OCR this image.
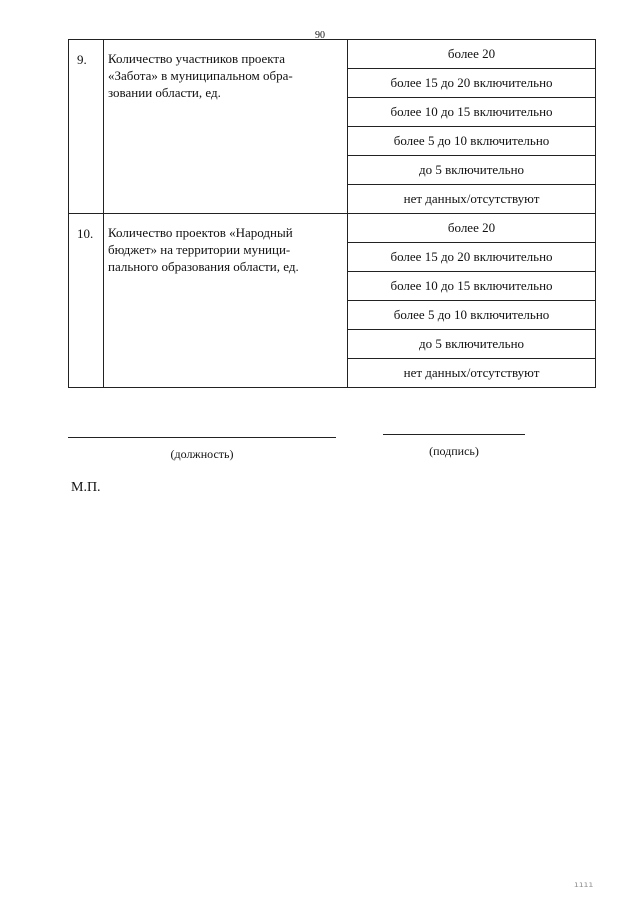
90
9.	Количество участников проекта
«Забота» в муниципальном обра-
зовании области, ед.	более 20
		более 15 до 20 включительно
		более 10 до 15 включительно
		более 5 до 10 включительно
		до 5 включительно
		нет данных/отсутствуют
10.	Количество проектов «Народный
бюджет» на территории муници-
пального образования области, ед.	более 20
		более 15 до 20 включительно
		более 10 до 15 включительно
		более 5 до 10 включительно
		до 5 включительно
		нет данных/отсутствуют
(должность)	(подпись)
М.П.
ıııı
